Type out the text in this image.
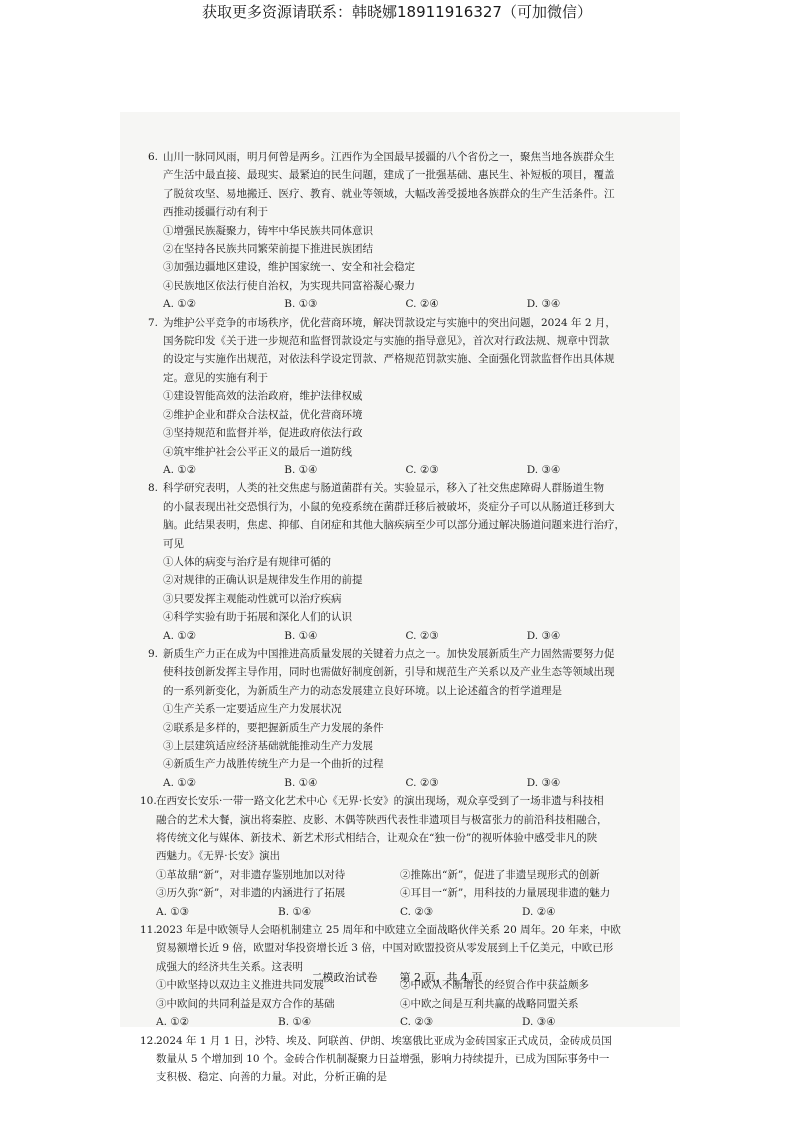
获取更多资源请联系：韩晓娜18911916327（可加微信）
6. 山川一脉同风雨，明月何曾是两乡。江西作为全国最早援疆的八个省份之一，聚焦当地各族群众生
产生活中最直接、最现实、最紧迫的民生问题，建成了一批强基础、惠民生、补短板的项目，覆盖
了脱贫攻坚、易地搬迁、医疗、教育、就业等领域，大幅改善受援地各族群众的生产生活条件。江
西推动援疆行动有利于
①增强民族凝聚力，铸牢中华民族共同体意识
②在坚持各民族共同繁荣前提下推进民族团结
③加强边疆地区建设，维护国家统一、安全和社会稳定
④民族地区依法行使自治权，为实现共同富裕凝心聚力
A. ①②	B. ①③	C. ②④	D. ③④
7. 为维护公平竞争的市场秩序，优化营商环境，解决罚款设定与实施中的突出问题，2024 年 2 月，
国务院印发《关于进一步规范和监督罚款设定与实施的指导意见》，首次对行政法规、规章中罚款
的设定与实施作出规范，对依法科学设定罚款、严格规范罚款实施、全面强化罚款监督作出具体规
定。意见的实施有利于
①建设智能高效的法治政府，维护法律权威
②维护企业和群众合法权益，优化营商环境
③坚持规范和监督并举，促进政府依法行政
④筑牢维护社会公平正义的最后一道防线
A. ①②	B. ①④	C. ②③	D. ③④
8. 科学研究表明，人类的社交焦虑与肠道菌群有关。实验显示，移入了社交焦虑障碍人群肠道生物
的小鼠表现出社交恐惧行为，小鼠的免疫系统在菌群迁移后被破坏，炎症分子可以从肠道迁移到大
脑。此结果表明，焦虑、抑郁、自闭症和其他大脑疾病至少可以部分通过解决肠道问题来进行治疗，
可见
①人体的病变与治疗是有规律可循的
②对规律的正确认识是规律发生作用的前提
③只要发挥主观能动性就可以治疗疾病
④科学实验有助于拓展和深化人们的认识
A. ①②	B. ①④	C. ②③	D. ③④
9. 新质生产力正在成为中国推进高质量发展的关键着力点之一。加快发展新质生产力固然需要努力促
使科技创新发挥主导作用，同时也需做好制度创新，引导和规范生产关系以及产业生态等领域出现
的一系列新变化，为新质生产力的动态发展建立良好环境。以上论述蕴含的哲学道理是
①生产关系一定要适应生产力发展状况
②联系是多样的，要把握新质生产力发展的条件
③上层建筑适应经济基础就能推动生产力发展
④新质生产力战胜传统生产力是一个曲折的过程
A. ①②	B. ①④	C. ②③	D. ③④
10. 在西安长安乐·一带一路文化艺术中心《无界·长安》的演出现场，观众享受到了一场非遗与科技相
融合的艺术大餐，演出将秦腔、皮影、木偶等陕西代表性非遗项目与极富张力的前沿科技相融合，
将传统文化与媒体、新技术、新艺术形式相结合，让观众在“独一份”的视听体验中感受非凡的陕
西魅力。《无界·长安》演出
①革故鼎“新”，对非遗存鉴别地加以对待	②推陈出“新”，促进了非遗呈现形式的创新
③历久弥“新”，对非遗的内涵进行了拓展	④耳目一“新”，用科技的力量展现非遗的魅力
A. ①③	B. ①④	C. ②③	D. ②④
11. 2023 年是中欧领导人会晤机制建立 25 周年和中欧建立全面战略伙伴关系 20 周年。20 年来，中欧
贸易额增长近 9 倍，欧盟对华投资增长近 3 倍，中国对欧盟投资从零发展到上千亿美元，中欧已形
成强大的经济共生关系。这表明
①中欧坚持以双边主义推进共同发展	②中欧从不断增长的经贸合作中获益颇多
③中欧间的共同利益是双方合作的基础	④中欧之间是互利共赢的战略同盟关系
A. ①②	B. ①④	C. ②③	D. ③④
12. 2024 年 1 月 1 日，沙特、埃及、阿联酋、伊朗、埃塞俄比亚成为金砖国家正式成员，金砖成员国
数量从 5 个增加到 10 个。金砖合作机制凝聚力日益增强，影响力持续提升，已成为国际事务中一
支积极、稳定、向善的力量。对此，分析正确的是
二模政治试卷　　第 2 页，共 4 页
